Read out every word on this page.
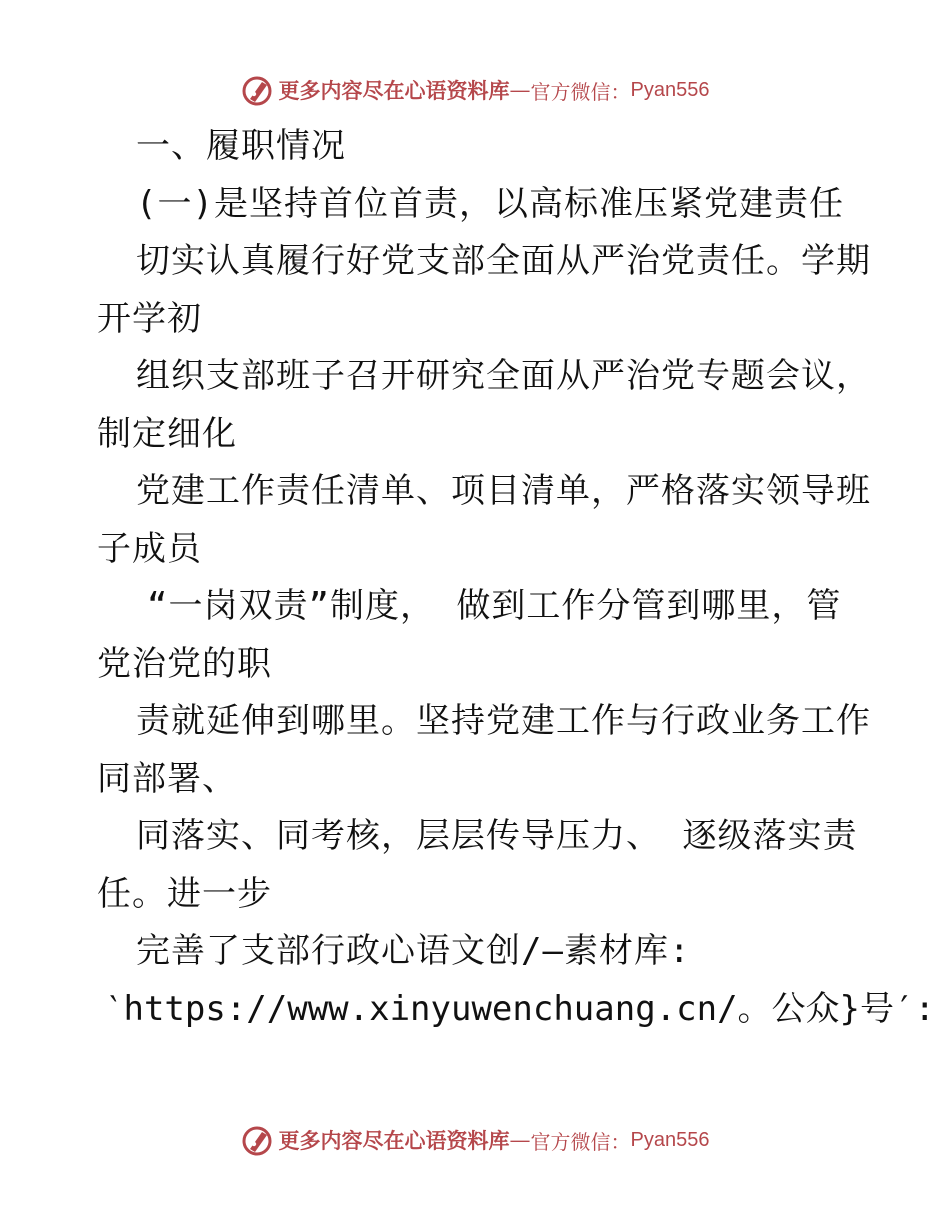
更多内容尽在心语资料库 — 官方微信： Pyan556
一、履职情况
(一)是坚持首位首责，以高标准压紧党建责任
切实认真履行好党支部全面从严治党责任。学期
开学初
组织支部班子召开研究全面从严治党专题会议，
制定细化
党建工作责任清单、项目清单，严格落实领导班
子成员
“一岗双责”制度， 做到工作分管到哪里，管
党治党的职
责就延伸到哪里。坚持党建工作与行政业务工作
同部署、
同落实、同考核，层层传导压力、 逐级落实责
任。进一步
完善了支部行政心语文创/—素材库:
‵https://www.xinyuwenchuang.cn/。公众}号′:
更多内容尽在心语资料库 — 官方微信： Pyan556
